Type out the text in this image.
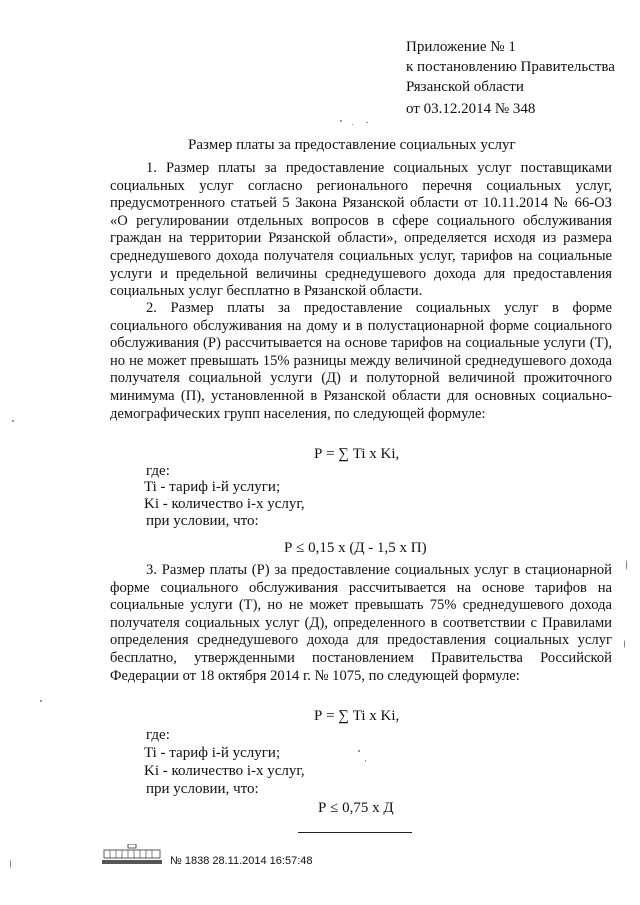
Приложение № 1
к постановлению Правительства
Рязанской области
от 03.12.2014 № 348
Размер платы за предоставление социальных услуг

1. Размер платы за предоставление социальных услуг поставщиками социальных услуг согласно регионального перечня социальных услуг, предусмотренного статьей 5 Закона Рязанской области от 10.11.2014 № 66-ОЗ «О регулировании отдельных вопросов в сфере социального обслуживания граждан на территории Рязанской области», определяется исходя из размера среднедушевого дохода получателя социальных услуг, тарифов на социальные услуги и предельной величины среднедушевого дохода для предоставления социальных услуг бесплатно в Рязанской области.

2. Размер платы за предоставление социальных услуг в форме социального обслуживания на дому и в полустационарной форме социального обслуживания (Р) рассчитывается на основе тарифов на социальные услуги (Т), но не может превышать 15% разницы между величиной среднедушевого дохода получателя социальной услуги (Д) и полуторной величиной прожиточного минимума (П), установленной в Рязанской области для основных социально-демографических групп населения, по следующей формуле:

Р = ∑ Ti x Ki,
где:
Ti - тариф i-й услуги;
Ki - количество i-х услуг,
при условии, что:
Р ≤ 0,15 x (Д - 1,5 x П)

3. Размер платы (Р) за предоставление социальных услуг в стационарной форме социального обслуживания рассчитывается на основе тарифов на социальные услуги (Т), но не может превышать 75% среднедушевого дохода получателя социальных услуг (Д), определенного в соответствии с Правилами определения среднедушевого дохода для предоставления социальных услуг бесплатно, утвержденными постановлением Правительства Российской Федерации от 18 октября 2014 г. № 1075, по следующей формуле:

Р = ∑ Ti x Ki,
где:
Ti - тариф i-й услуги;
Ki - количество i-х услуг,
при условии, что:
Р ≤ 0,75 x Д
№ 1838 28.11.2014 16:57:48
